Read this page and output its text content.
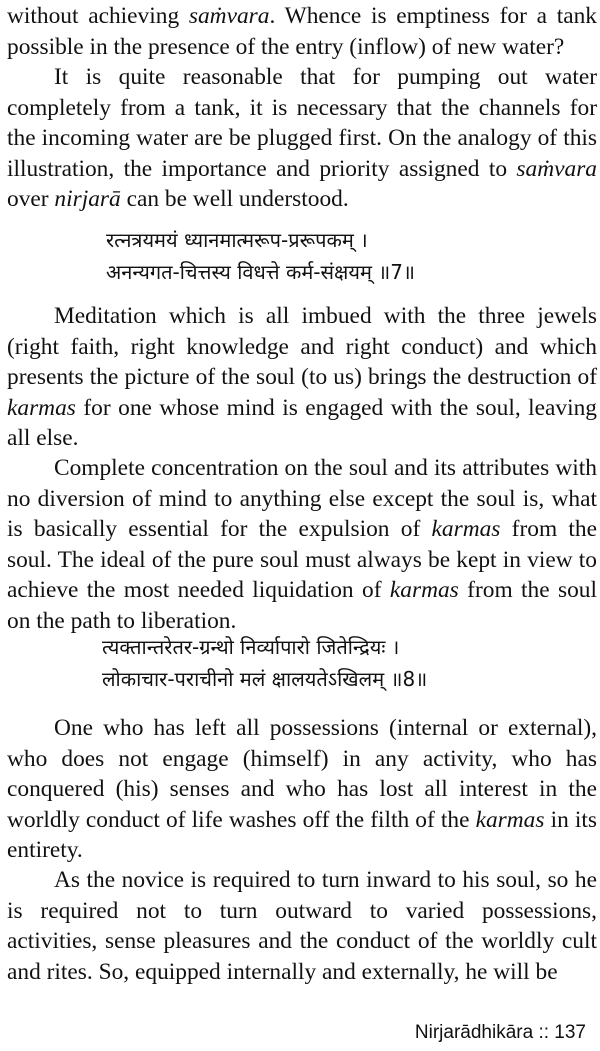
without achieving saṁvara. Whence is emptiness for a tank possible in the presence of the entry (inflow) of new water?

It is quite reasonable that for pumping out water completely from a tank, it is necessary that the channels for the incoming water are be plugged first. On the analogy of this illustration, the importance and priority assigned to saṁvara over nirjarā can be well understood.

रत्नत्रयमयं ध्यानमात्मरूप-प्ररूपकम् ।

अनन्यगत-चित्तस्य विधत्ते कर्म-संक्षयम् ॥7॥

Meditation which is all imbued with the three jewels (right faith, right knowledge and right conduct) and which presents the picture of the soul (to us) brings the destruction of karmas for one whose mind is engaged with the soul, leaving all else.

Complete concentration on the soul and its attributes with no diversion of mind to anything else except the soul is, what is basically essential for the expulsion of karmas from the soul. The ideal of the pure soul must always be kept in view to achieve the most needed liquidation of karmas from the soul on the path to liberation.

त्यक्तान्तरेतर-ग्रन्थो निर्व्यापारो जितेन्द्रियः ।

लोकाचार-पराचीनो मलं क्षालयतेऽखिलम् ॥8॥

One who has left all possessions (internal or external), who does not engage (himself) in any activity, who has conquered (his) senses and who has lost all interest in the worldly conduct of life washes off the filth of the karmas in its entirety.

As the novice is required to turn inward to his soul, so he is required not to turn outward to varied possessions, activities, sense pleasures and the conduct of the worldly cult and rites. So, equipped internally and externally, he will be

Nirjarādhikāra :: 137
